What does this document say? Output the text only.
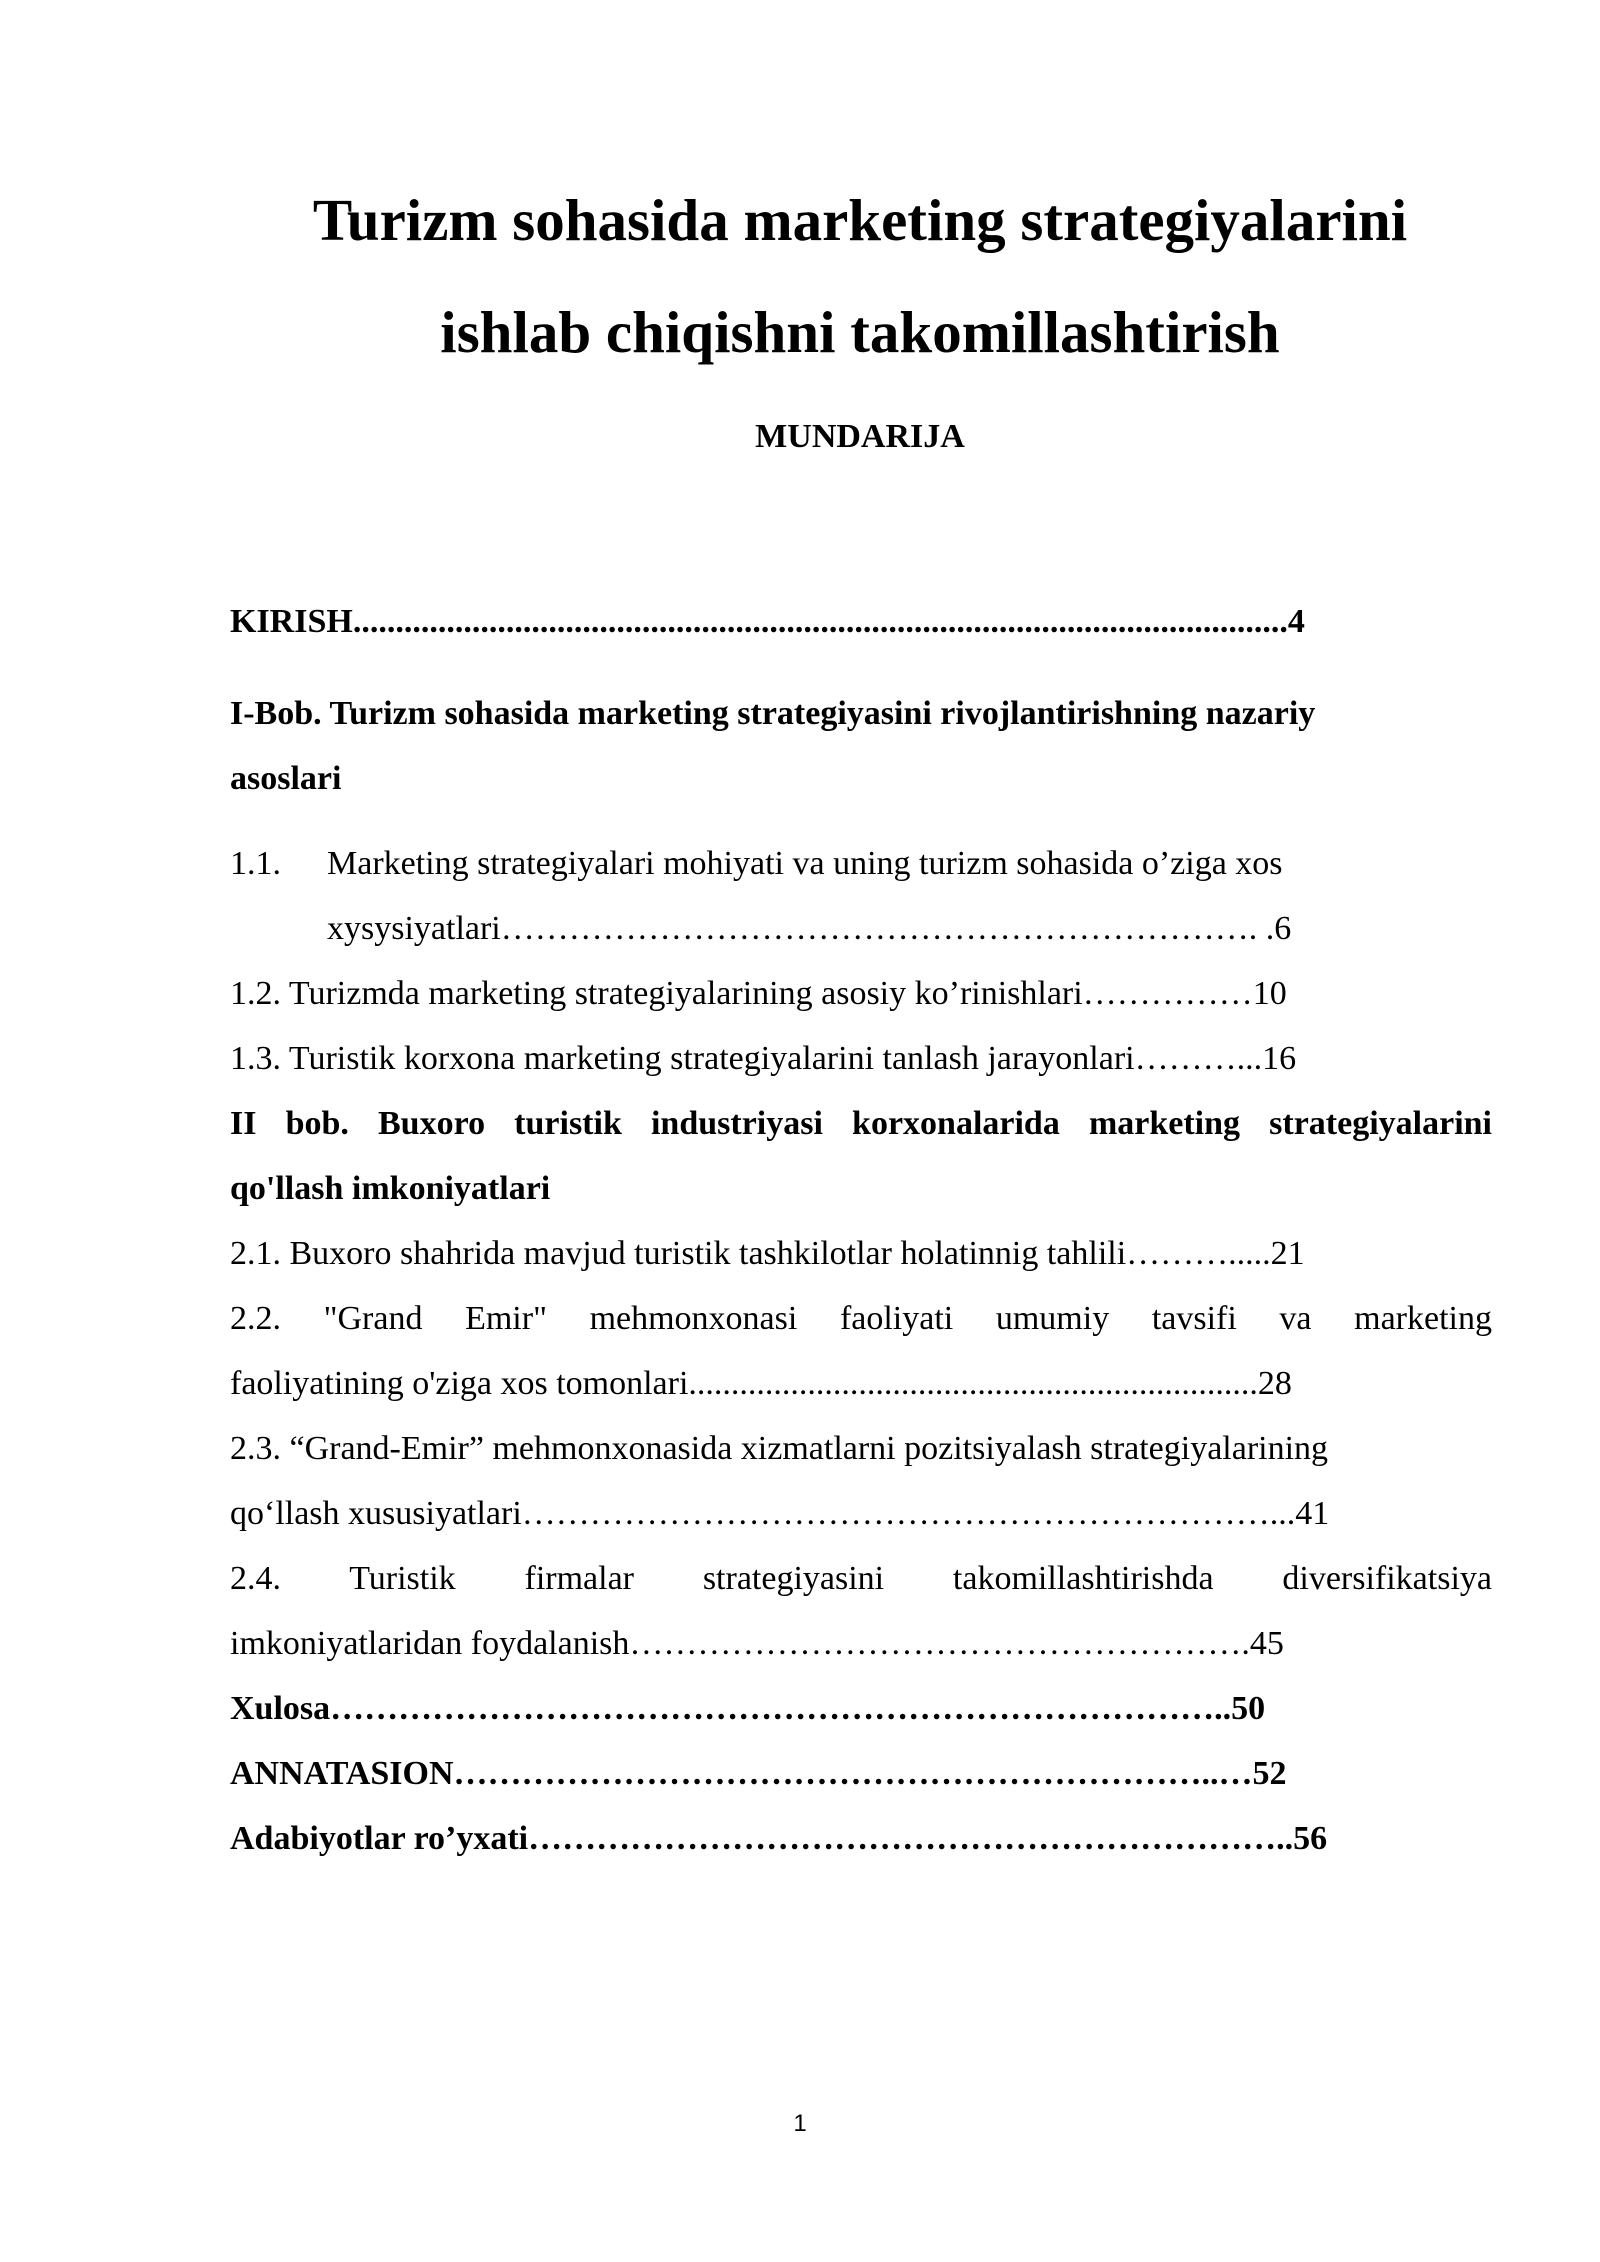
Turizm sohasida marketing strategiyalarini
ishlab chiqishni takomillashtirish
MUNDARIJA
KIRISH..............................................................................................................4
I-Bob. Turizm sohasida marketing strategiyasini rivojlantirishning nazariy
asoslari
1.1. Marketing strategiyalari mohiyati va uning turizm sohasida o’ziga xos
xysysiyatlari…………………………………………………………. .6
1.2. Turizmda marketing strategiyalarining asosiy ko’rinishlari……………10
1.3. Turistik korxona marketing strategiyalarini tanlash jarayonlari………...16
II bob. Buxoro turistik industriyasi korxonalarida marketing strategiyalarini
qo'llash imkoniyatlari
2.1. Buxoro shahrida mavjud turistik tashkilotlar holatinnig tahlili……….....21
2.2. "Grand Emir" mehmonxonasi faoliyati umumiy tavsifi va marketing
faoliyatining o'ziga xos tomonlari...................................................................28
2.3. “Grand-Emir” mehmonxonasida xizmatlarni pozitsiyalash strategiyalarining
qo‘llash xususiyatlari…………………………………………………………...41
2.4. Turistik firmalar strategiyasini takomillashtirishda diversifikatsiya
imkoniyatlaridan foydalanish……………………………………………….45
Xulosa……………………………………………………………………..50
ANNATASION…………………………………………………………..…52
Adabiyotlar ro’yxati…………………………………………………………..56
1
